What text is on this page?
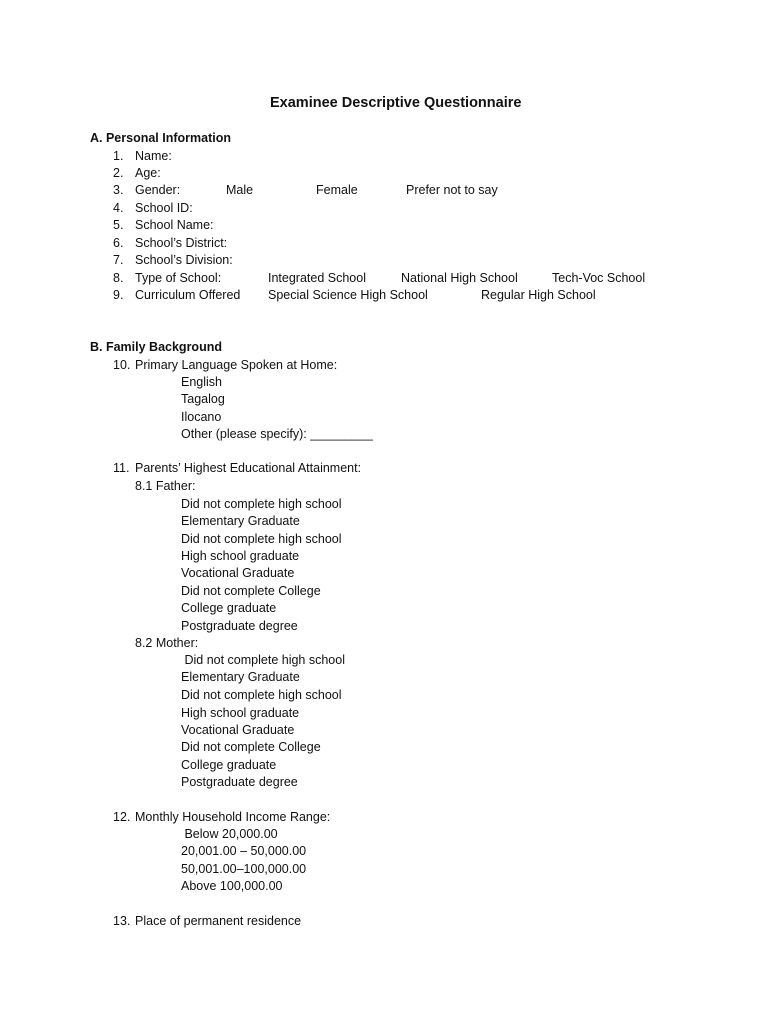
Examinee Descriptive Questionnaire
A. Personal Information
1. Name:
2. Age:
3. Gender:	Male	Female	Prefer not to say
4. School ID:
5. School Name:
6. School’s District:
7. School’s Division:
8. Type of School:	Integrated School	National High School	Tech-Voc School
9. Curriculum Offered Special Science High School	Regular High School
B. Family Background
10. Primary Language Spoken at Home:
English
Tagalog
Ilocano
Other (please specify): _________
11. Parents’ Highest Educational Attainment:
8.1 Father:
Did not complete high school
Elementary Graduate
Did not complete high school
High school graduate
Vocational Graduate
Did not complete College
College graduate
Postgraduate degree
8.2 Mother:
Did not complete high school
Elementary Graduate
Did not complete high school
High school graduate
Vocational Graduate
Did not complete College
College graduate
Postgraduate degree
12. Monthly Household Income Range:
Below 20,000.00
20,001.00 – 50,000.00
50,001.00–100,000.00
Above 100,000.00
13. Place of permanent residence
